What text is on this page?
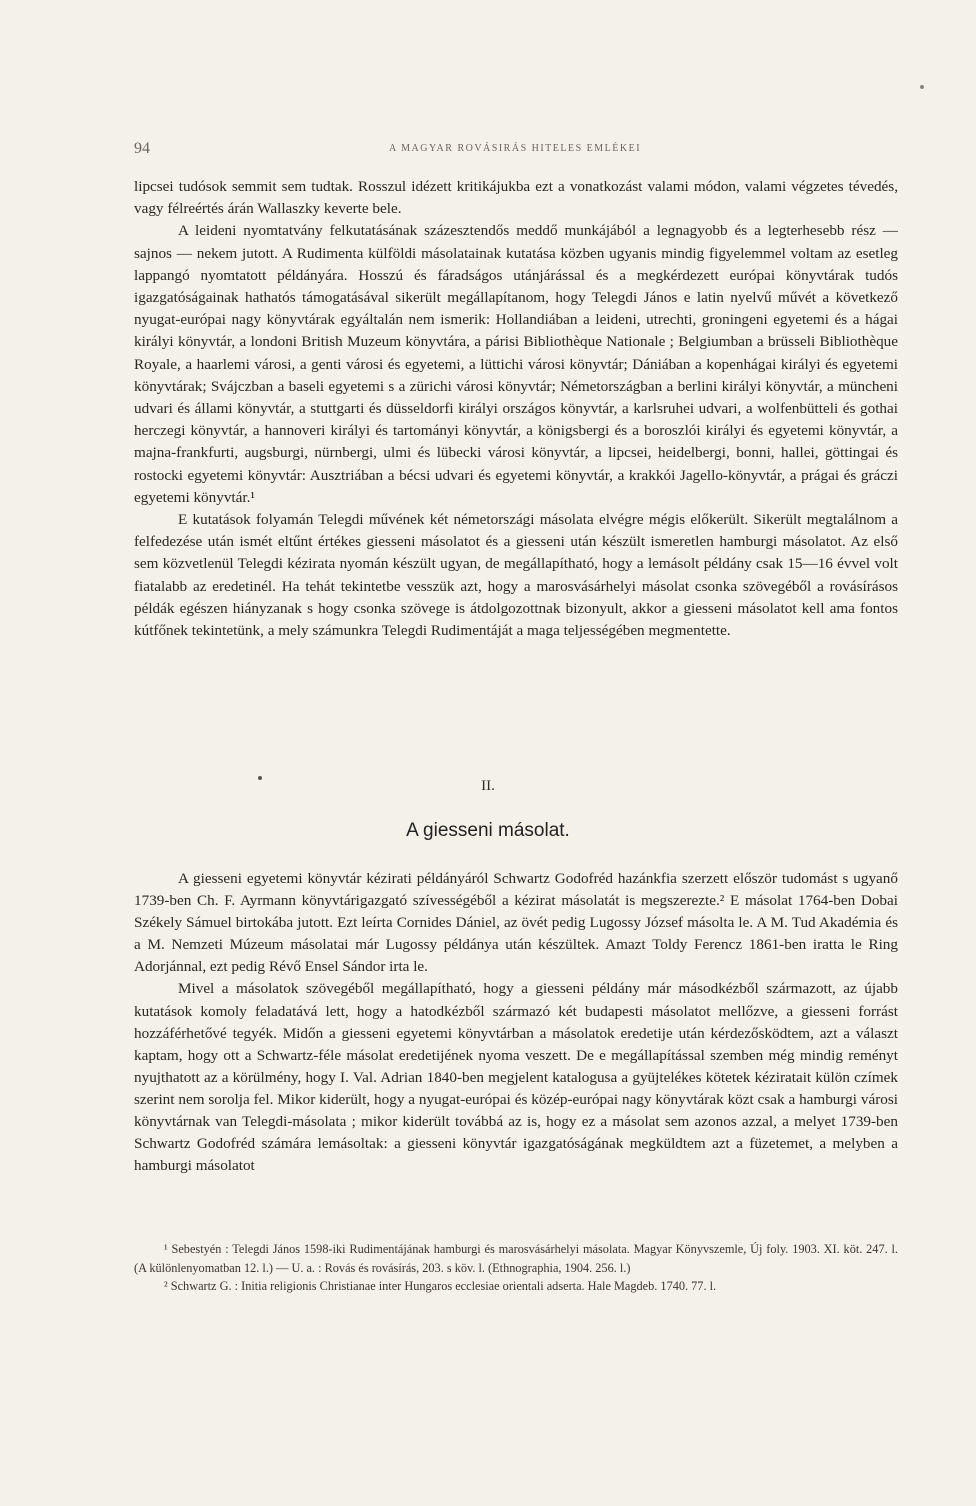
94	A MAGYAR ROVÁSIRÁS HITELES EMLÉKEI

lipcsei tudósok semmit sem tudtak. Rosszul idézett kritikájukba ezt a vonatkozást valami módon, valami végzetes tévedés, vagy félreértés árán Wallaszky keverte bele.

A leideni nyomtatvány felkutatásának százesztendős meddő munkájából a legnagyobb és a legterhesebb rész — sajnos — nekem jutott. A Rudimenta külföldi másolatainak kutatása közben ugyanis mindig figyelemmel voltam az esetleg lappangó nyomtatott példányára. Hosszú és fáradságos utánjárással és a megkérdezett európai könyvtárak tudós igazgatóságainak hathatós támogatásával sikerült megállapítanom, hogy Telegdi János e latin nyelvű művét a következő nyugat-európai nagy könyvtárak egyáltalán nem ismerik: Hollandiában a leideni, utrechti, groningeni egyetemi és a hágai királyi könyvtár, a londoni British Muzeum könyvtára, a párisi Bibliothèque Nationale ; Belgiumban a brüsseli Bibliothèque Royale, a haarlemi városi, a genti városi és egyetemi, a lüttichi városi könyvtár; Dániában a kopenhágai királyi és egyetemi könyvtárak; Svájczban a baseli egyetemi s a zürichi városi könyvtár; Németországban a berlini királyi könyvtár, a müncheni udvari és állami könyvtár, a stuttgarti és düsseldorfi királyi országos könyvtár, a karlsruhei udvari, a wolfenbütteli és gothai herczegi könyvtár, a hannoveri királyi és tartományi könyvtár, a königsbergi és a boroszlói királyi és egyetemi könyvtár, a majna-frankfurti, augsburgi, nürnbergi, ulmi és lübecki városi könyvtár, a lipcsei, heidelbergi, bonni, hallei, göttingai és rostocki egyetemi könyvtár: Ausztriában a bécsi udvari és egyetemi könyvtár, a krakkói Jagello-könyvtár, a prágai és gráczi egyetemi könyvtár.¹

E kutatások folyamán Telegdi művének két németországi másolata elvégre mégis előkerült. Sikerült megtalálnom a felfedezése után ismét eltűnt értékes giesseni másolatot és a giesseni után készült ismeretlen hamburgi másolatot. Az első sem közvetlenül Telegdi kézirata nyomán készült ugyan, de megállapítható, hogy a lemásolt példány csak 15—16 évvel volt fiatalabb az eredetinél. Ha tehát tekintetbe vesszük azt, hogy a marosvásárhelyi másolat csonka szövegéből a rovásírásos példák egészen hiányzanak s hogy csonka szövege is átdolgozottnak bizonyult, akkor a giesseni másolatot kell ama fontos kútfőnek tekintetünk, a mely számunkra Telegdi Rudimentáját a maga teljességében megmentette.

II.
A giesseni másolat.

A giesseni egyetemi könyvtár kézirati példányáról Schwartz Godofréd hazánkfia szerzett először tudomást s ugyanő 1739-ben Ch. F. Ayrmann könyvtárigazgató szívességéből a kézirat másolatát is megszerezte.² E másolat 1764-ben Dobai Székely Sámuel birtokába jutott. Ezt leírta Cornides Dániel, az övét pedig Lugossy József másolta le. A M. Tud Akadémia és a M. Nemzeti Múzeum másolatai már Lugossy példánya után készültek. Amazt Toldy Ferencz 1861-ben iratta le Ring Adorjánnal, ezt pedig Révő Ensel Sándor irta le.

Mivel a másolatok szövegéből megállapítható, hogy a giesseni példány már másodkézből származott, az újabb kutatások komoly feladatává lett, hogy a hatodkézből származó két budapesti másolatot mellőzve, a giesseni forrást hozzáférhetővé tegyék. Midőn a giesseni egyetemi könyvtárban a másolatok eredetije után kérdezősködtem, azt a választ kaptam, hogy ott a Schwartz-féle másolat eredetijének nyoma veszett. De e megállapítással szemben még mindig reményt nyujthatott az a körülmény, hogy I. Val. Adrian 1840-ben megjelent katalogusa a gyüjtelékes kötetek kéziratait külön czímek szerint nem sorolja fel. Mikor kiderült, hogy a nyugat-európai és közép-európai nagy könyvtárak közt csak a hamburgi városi könyvtárnak van Telegdi-másolata ; mikor kiderült továbbá az is, hogy ez a másolat sem azonos azzal, a melyet 1739-ben Schwartz Godofréd számára lemásoltak: a giesseni könyvtár igazgatóságának megküldtem azt a füzetemet, a melyben a hamburgi másolatot

¹ Sebestyén : Telegdi János 1598-iki Rudimentájának hamburgi és marosvásárhelyi másolata. Magyar Könyvszemle, Új foly. 1903. XI. köt. 247. l. (A különlenyomatban 12. l.) — U. a. : Rovás és rovásírás, 203. s köv. l. (Ethnographia, 1904. 256. l.)

² Schwartz G. : Initia religionis Christianae inter Hungaros ecclesiae orientali adserta. Hale Magdeb. 1740. 77. l.
